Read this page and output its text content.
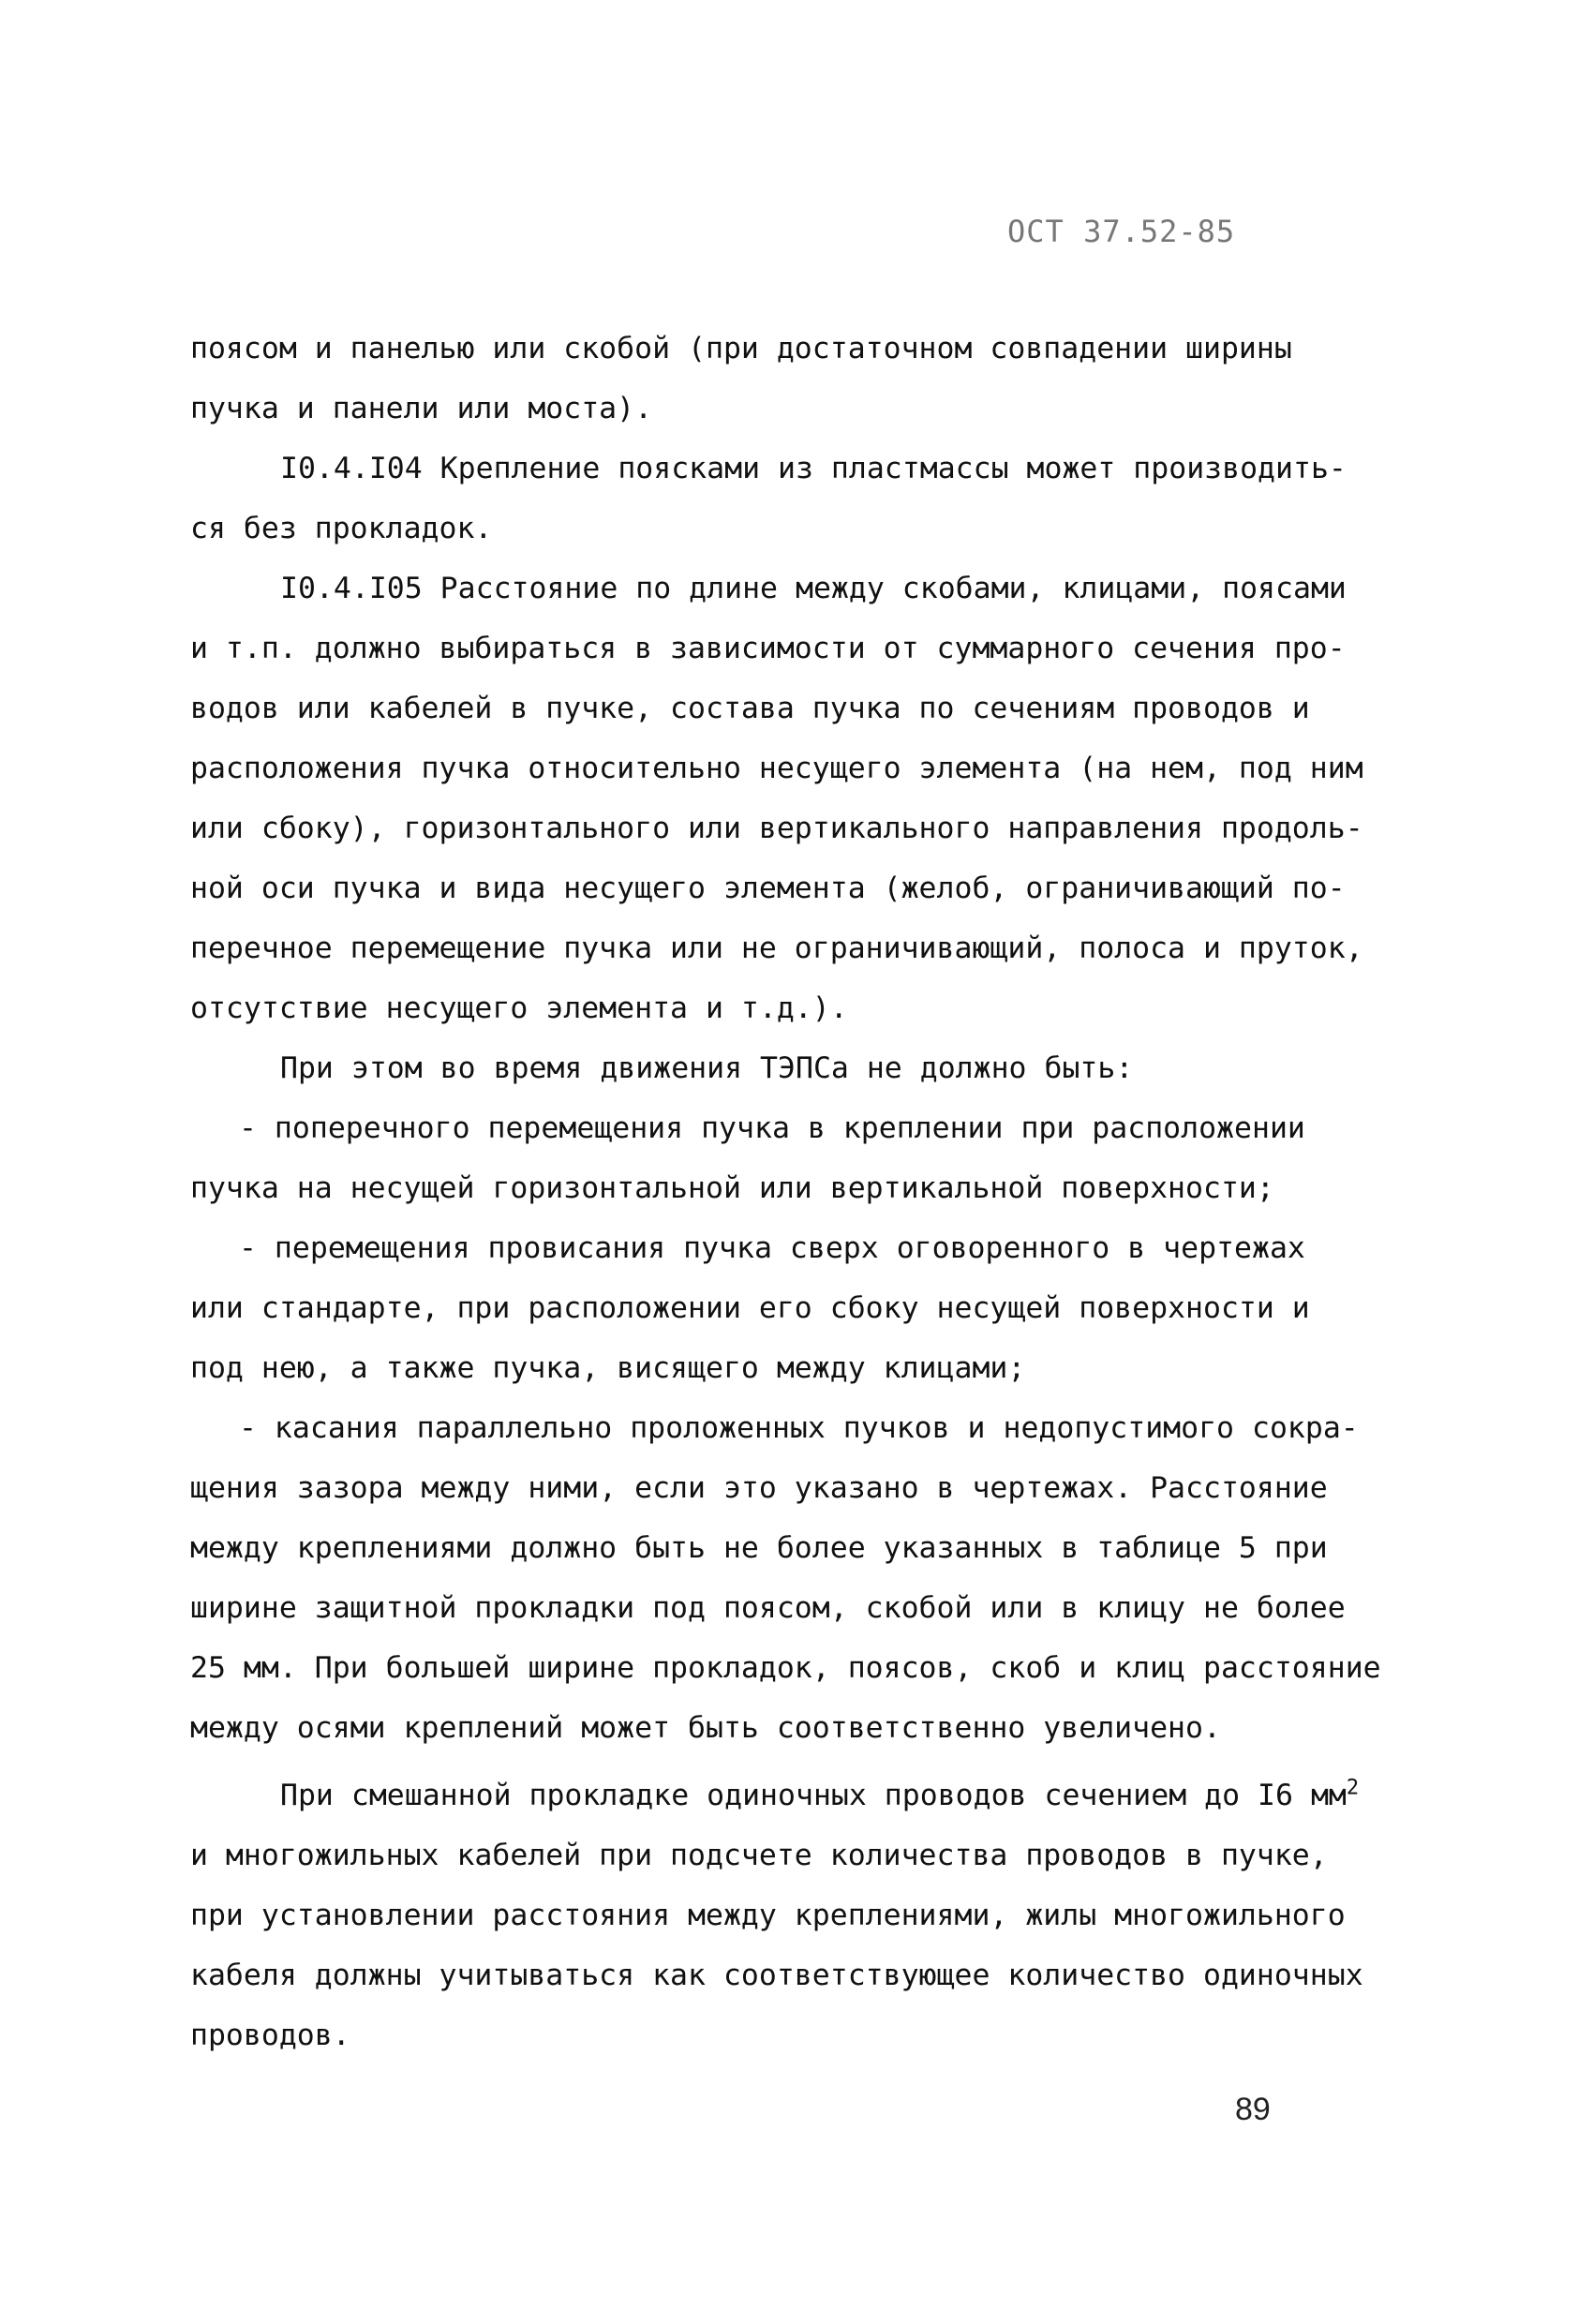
ОСТ 37.52-85
поясом и панелью или скобой (при достаточном совпадении ширины
пучка и панели или моста).
I0.4.I04 Крепление поясками из пластмассы может производить-
ся без прокладок.
I0.4.I05 Расстояние по длине между скобами, клицами, поясами
и т.п. должно выбираться в зависимости от суммарного сечения про-
водов или кабелей в пучке, состава пучка по сечениям проводов и
расположения пучка относительно несущего элемента (на нем, под ним
или сбоку), горизонтального или вертикального направления продоль-
ной оси пучка и вида несущего элемента (желоб, ограничивающий по-
перечное перемещение пучка или не ограничивающий, полоса и пруток,
отсутствие несущего элемента и т.д.).
При этом во время движения ТЭПСа не должно быть:
- поперечного перемещения пучка в креплении при расположении
пучка на несущей горизонтальной или вертикальной поверхности;
- перемещения провисания пучка сверх оговоренного в чертежах
или стандарте, при расположении его сбоку несущей поверхности и
под нею, а также пучка, висящего между клицами;
- касания параллельно проложенных пучков и недопустимого сокра-
щения зазора между ними, если это указано в чертежах. Расстояние
между креплениями должно быть не более указанных в таблице 5 при
ширине защитной прокладки под поясом, скобой или в клицу не более
25 мм. При большей ширине прокладок, поясов, скоб и клиц расстояние
между осями креплений может быть соответственно увеличено.
При смешанной прокладке одиночных проводов сечением до I6 $мм^2$
и многожильных кабелей при подсчете количества проводов в пучке,
при установлении расстояния между креплениями, жилы многожильного
кабеля должны учитываться как соответствующее количество одиночных
проводов.
89
